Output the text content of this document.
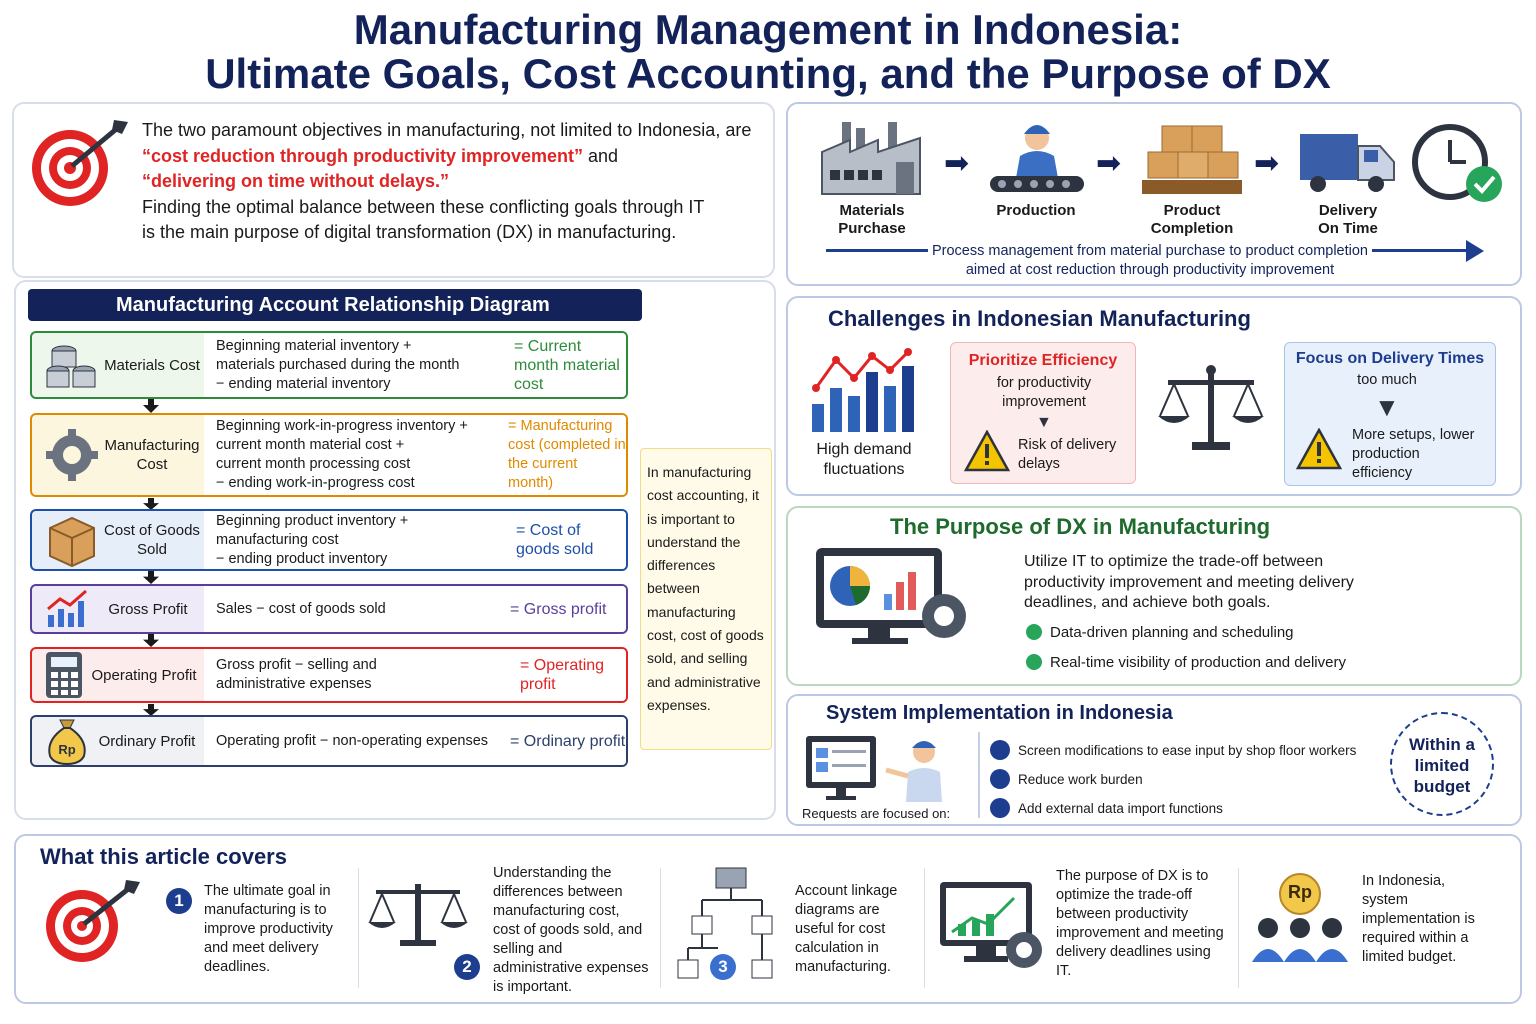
Manufacturing Management in Indonesia:
Ultimate Goals, Cost Accounting, and the Purpose of DX
The two paramount objectives in manufacturing, not limited to Indonesia, are
“cost reduction through productivity improvement” and
“delivering on time without delays.”
Finding the optimal balance between these conflicting goals through IT
is the main purpose of digital transformation (DX) in manufacturing.
➡	➡	➡
Materials
Purchase
Production	Product
Completion
Delivery
On Time
Process management from material purchase to product completion
aimed at cost reduction through productivity improvement
Manufacturing Account Relationship Diagram
Materials Cost
Beginning material inventory +
materials purchased during the month
− ending material inventory
= Current month material cost
Manufacturing Cost
Beginning work-in-progress inventory +
current month material cost +
current month processing cost
− ending work-in-progress cost
= Manufacturing cost (completed in the current month)
Cost of Goods Sold
Beginning product inventory +
manufacturing cost
− ending product inventory
= Cost of goods sold
Gross Profit	Sales − cost of goods sold	= Gross profit
Operating Profit
Gross profit − selling and
administrative expenses
= Operating profit
Rp	Ordinary Profit	Operating profit − non-operating expenses	= Ordinary profit
In manufacturing cost accounting, it is important to understand the differences between manufacturing cost, cost of goods sold, and selling and administrative expenses.
Challenges in Indonesian Manufacturing
High demand fluctuations
Prioritize Efficiency
for productivity improvement
▼
Risk of delivery delays
Focus on Delivery Times
too much
▼
More setups, lower production efficiency
The Purpose of DX in Manufacturing
Utilize IT to optimize the trade-off between productivity improvement and meeting delivery deadlines, and achieve both goals.
Data-driven planning and scheduling
Real-time visibility of production and delivery
System Implementation in Indonesia
Requests are focused on:
Screen modifications to ease input by shop floor workers
Reduce work burden
Add external data import functions
Within a limited budget
What this article covers
1	The ultimate goal in manufacturing is to improve productivity and meet delivery deadlines.	2
Understanding the differences between manufacturing cost, cost of goods sold, and selling and administrative expenses is important.
3
Account linkage diagrams are useful for cost calculation in manufacturing.
The purpose of DX is to optimize the trade-off between productivity improvement and meeting delivery deadlines using IT.
Rp
In Indonesia, system implementation is required within a limited budget.
